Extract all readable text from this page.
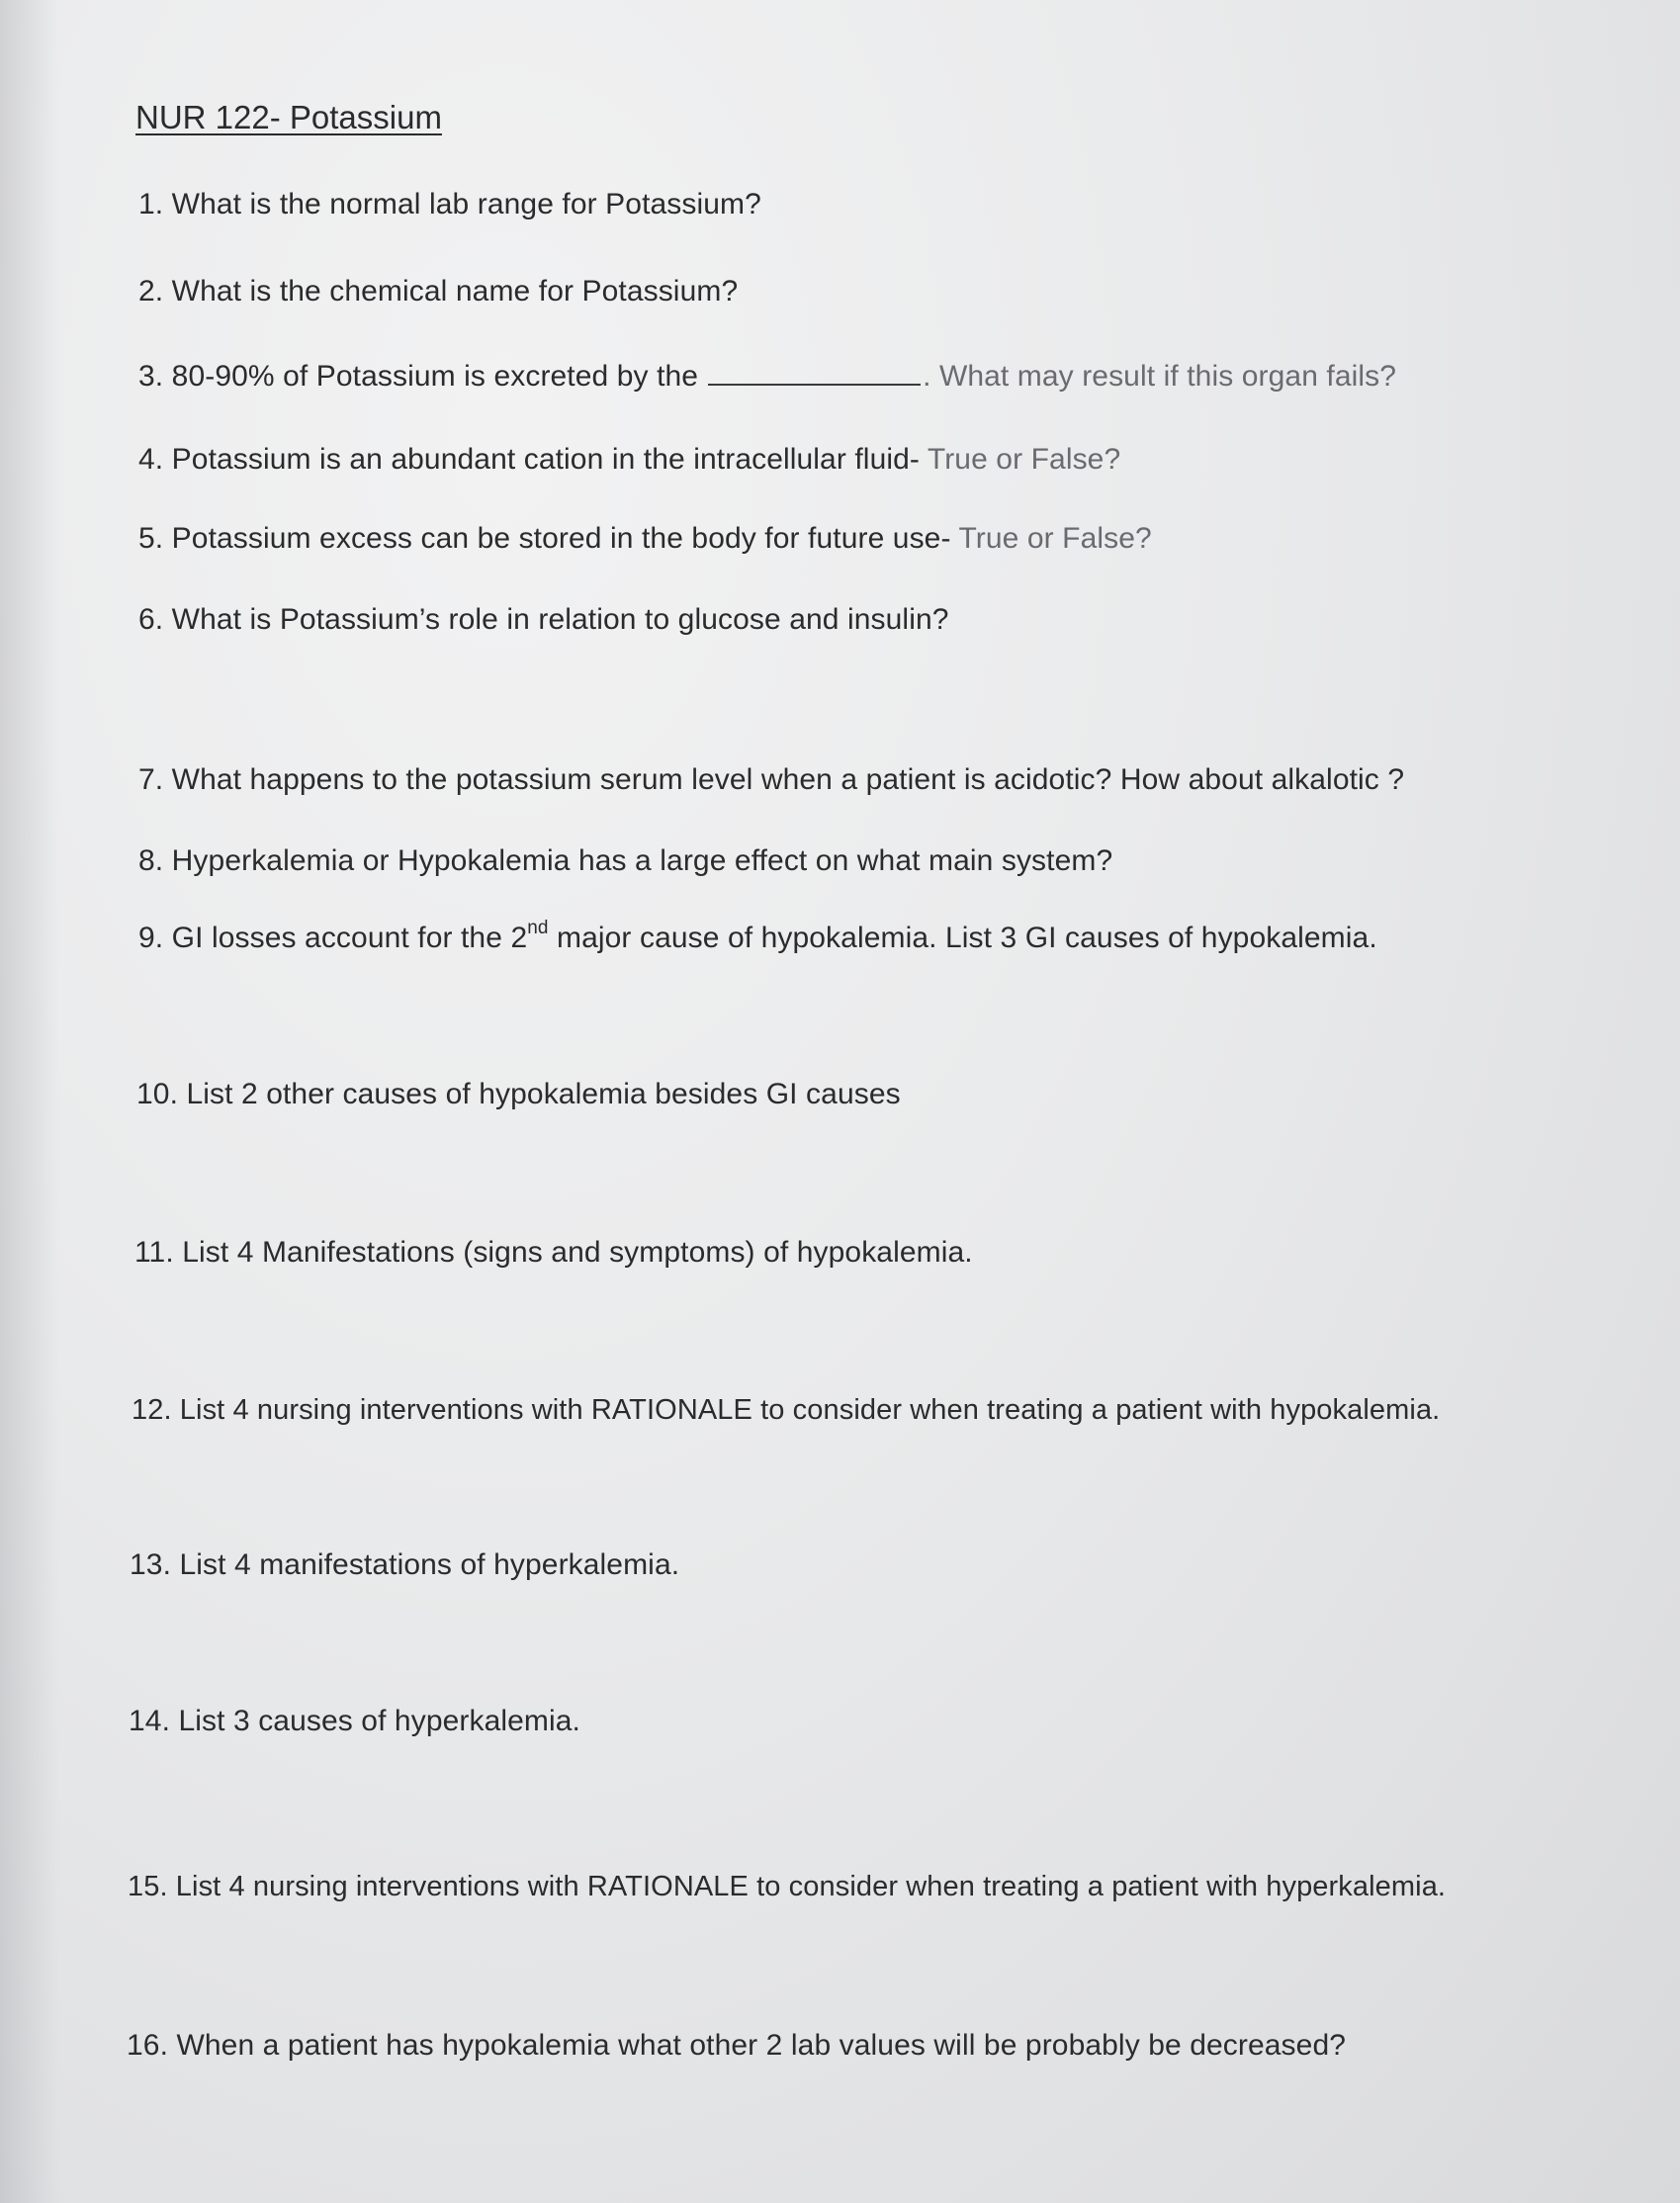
NUR 122- Potassium
1. What is the normal lab range for Potassium?
2. What is the chemical name for Potassium?
3. 80-90% of Potassium is excreted by the	. What may result if this organ fails?
4. Potassium is an abundant cation in the intracellular fluid- True or False?
5. Potassium excess can be stored in the body for future use- True or False?
6. What is Potassium’s role in relation to glucose and insulin?
7. What happens to the potassium serum level when a patient is acidotic? How about alkalotic ?
8. Hyperkalemia or Hypokalemia has a large effect on what main system?
9. GI losses account for the 2nd major cause of hypokalemia. List 3 GI causes of hypokalemia.
10. List 2 other causes of hypokalemia besides GI causes
11. List 4 Manifestations (signs and symptoms) of hypokalemia.
12. List 4 nursing interventions with RATIONALE to consider when treating a patient with hypokalemia.
13. List 4 manifestations of hyperkalemia.
14. List 3 causes of hyperkalemia.
15. List 4 nursing interventions with RATIONALE to consider when treating a patient with hyperkalemia.
16. When a patient has hypokalemia what other 2 lab values will be probably be decreased?
